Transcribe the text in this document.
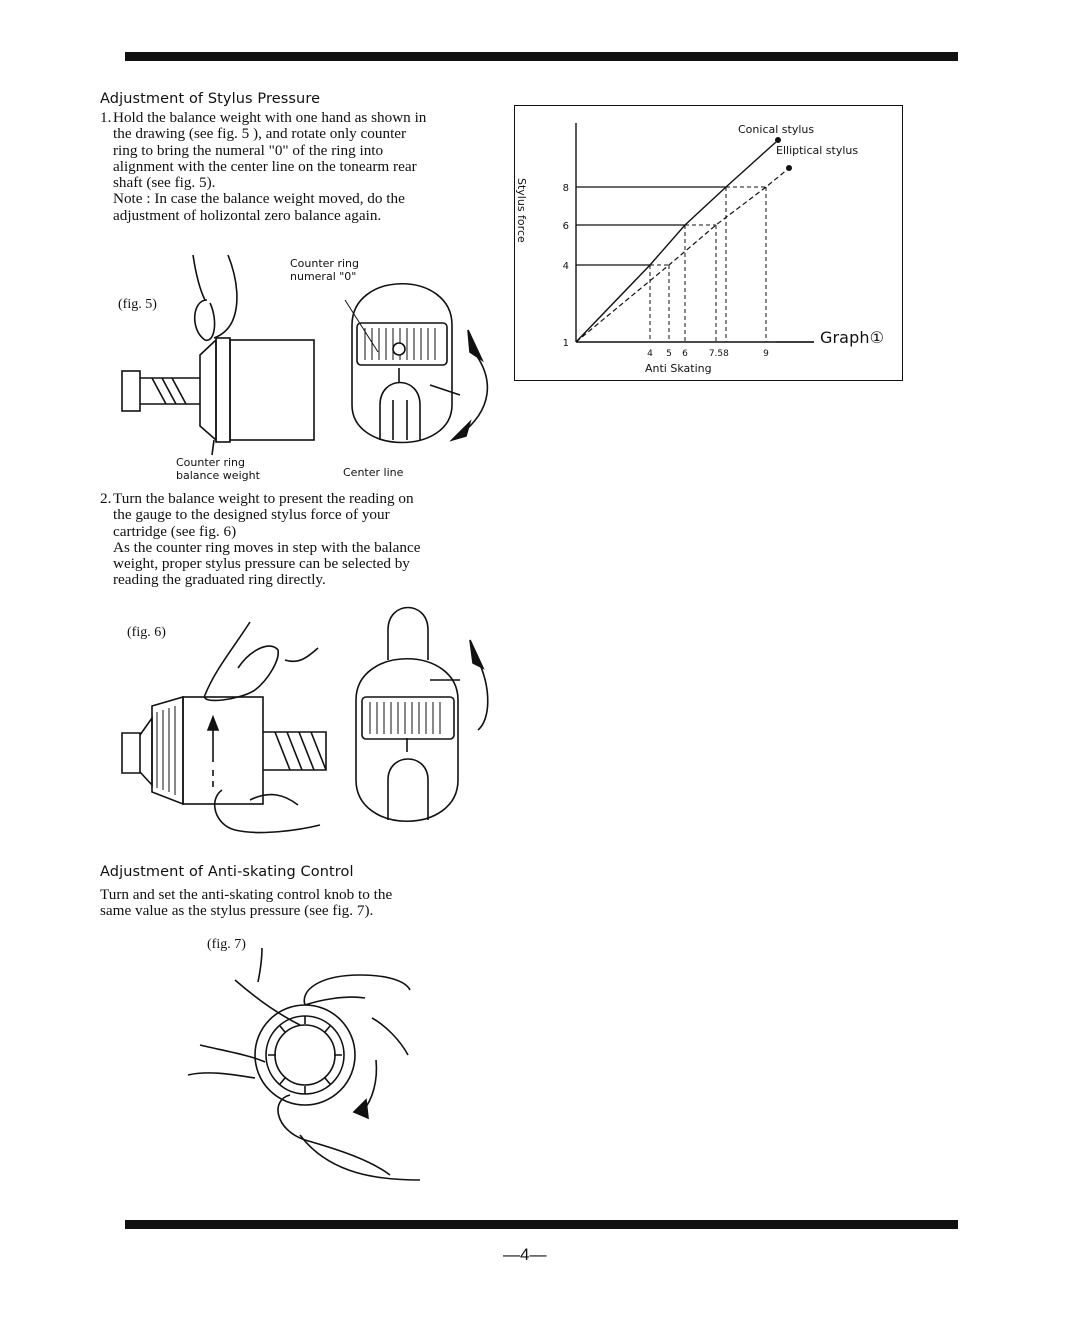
Adjustment of Stylus Pressure
1. Hold the balance weight with one hand as shown in
the drawing (see fig. 5 ), and rotate only counter
ring to bring the numeral "0" of the ring into
alignment with the center line on the tonearm rear
shaft (see fig. 5).
Note : In case the balance weight moved, do the
adjustment of holizontal zero balance again.
(fig. 5)
Counter ring
numeral "0"
Counter ring
balance weight	Center line
2. Turn the balance weight to present the reading on
the gauge to the designed stylus force of your
cartridge (see fig. 6)
As the counter ring moves in step with the balance
weight, proper stylus pressure can be selected by
reading the graduated ring directly.
(fig. 6)
Adjustment of Anti-skating Control
Turn and set the anti-skating control knob to the
same value as the stylus pressure (see fig. 7).
(fig. 7)
1
4
6
8
4 5 6 7.5 8	9
Conical stylus
Elliptical stylus
Stylus force
Anti Skating
Graph①
—4—
